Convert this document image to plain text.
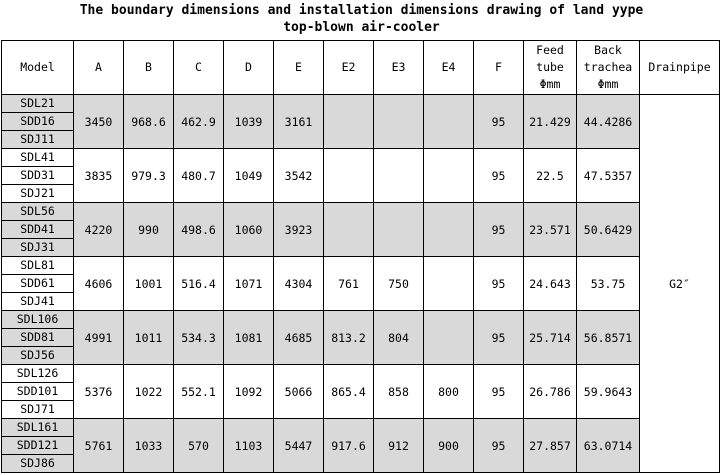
The boundary dimensions and installation dimensions drawing of land yype
top-blown air-cooler
Model	A	B	C	D	E	E2	E3	E4	F	Feed tube Φmm	Back trachea Φmm	Drainpipe
SDL21	3450	968.6	462.9	1039	3161				95	21.429	44.4286	G2″
SDD16												
SDJ11												
SDL41	3835	979.3	480.7	1049	3542				95	22.5	47.5357	
SDD31												
SDJ21												
SDL56	4220	990	498.6	1060	3923				95	23.571	50.6429	
SDD41												
SDJ31												
SDL81	4606	1001	516.4	1071	4304	761	750		95	24.643	53.75	
SDD61												
SDJ41												
SDL106	4991	1011	534.3	1081	4685	813.2	804		95	25.714	56.8571	
SDD81												
SDJ56												
SDL126	5376	1022	552.1	1092	5066	865.4	858	800	95	26.786	59.9643	
SDD101												
SDJ71												
SDL161	5761	1033	570	1103	5447	917.6	912	900	95	27.857	63.0714	
SDD121												
SDJ86												
